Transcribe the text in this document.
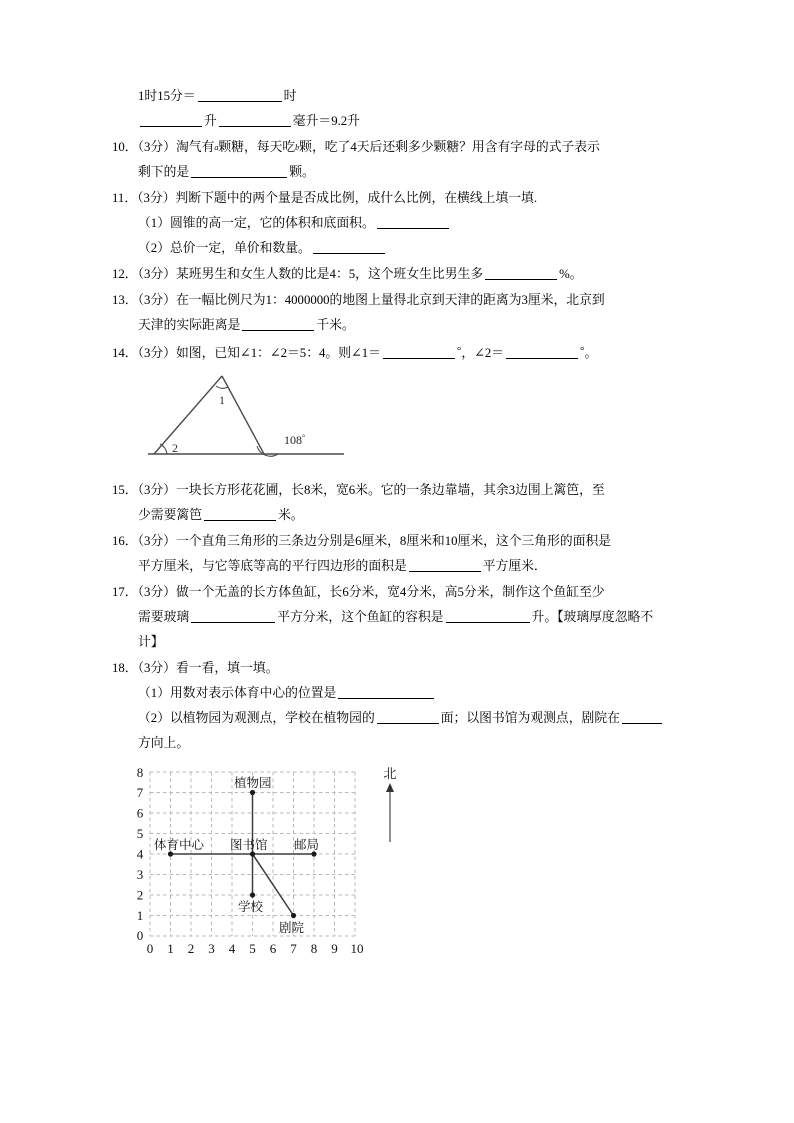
1时15分＝	时
升	毫升＝9.2升
10．（3分）淘气有a颗糖，每天吃b颗，吃了4天后还剩多少颗糖？用含有字母的式子表示
剩下的是	颗。
11．（3分）判断下题中的两个量是否成比例，成什么比例，在横线上填一填.
（1）圆锥的高一定，它的体积和底面积。
（2）总价一定，单价和数量。
12．（3分）某班男生和女生人数的比是4：5，这个班女生比男生多	%。
13．（3分）在一幅比例尺为1：4000000的地图上量得北京到天津的距离为3厘米，北京到
天津的实际距离是	千米。
14．（3分）如图，已知∠1：∠2＝5：4。则∠1＝	°，∠2＝	°。
1
2
108°
15．（3分）一块长方形花花圃，长8米，宽6米。它的一条边靠墙，其余3边围上篱笆，至
少需要篱笆	米。
16．（3分）一个直角三角形的三条边分别是6厘米，8厘米和10厘米，这个三角形的面积是
平方厘米，与它等底等高的平行四边形的面积是	平方厘米．
17．（3分）做一个无盖的长方体鱼缸，长6分米，宽4分米，高5分米，制作这个鱼缸至少
需要玻璃	平方分米，这个鱼缸的容积是	升。【玻璃厚度忽略不
计】
18．（3分）看一看，填一填。
（1）用数对表示体育中心的位置是
（2）以植物园为观测点，学校在植物园的	面；以图书馆为观测点，剧院在
方向上。
体育中心 图书馆 邮局
植物园
学校
剧院
0
1
2
3
4
5
6
7
8
0 1 2 3 4 5 6 7 8 9 10
北
